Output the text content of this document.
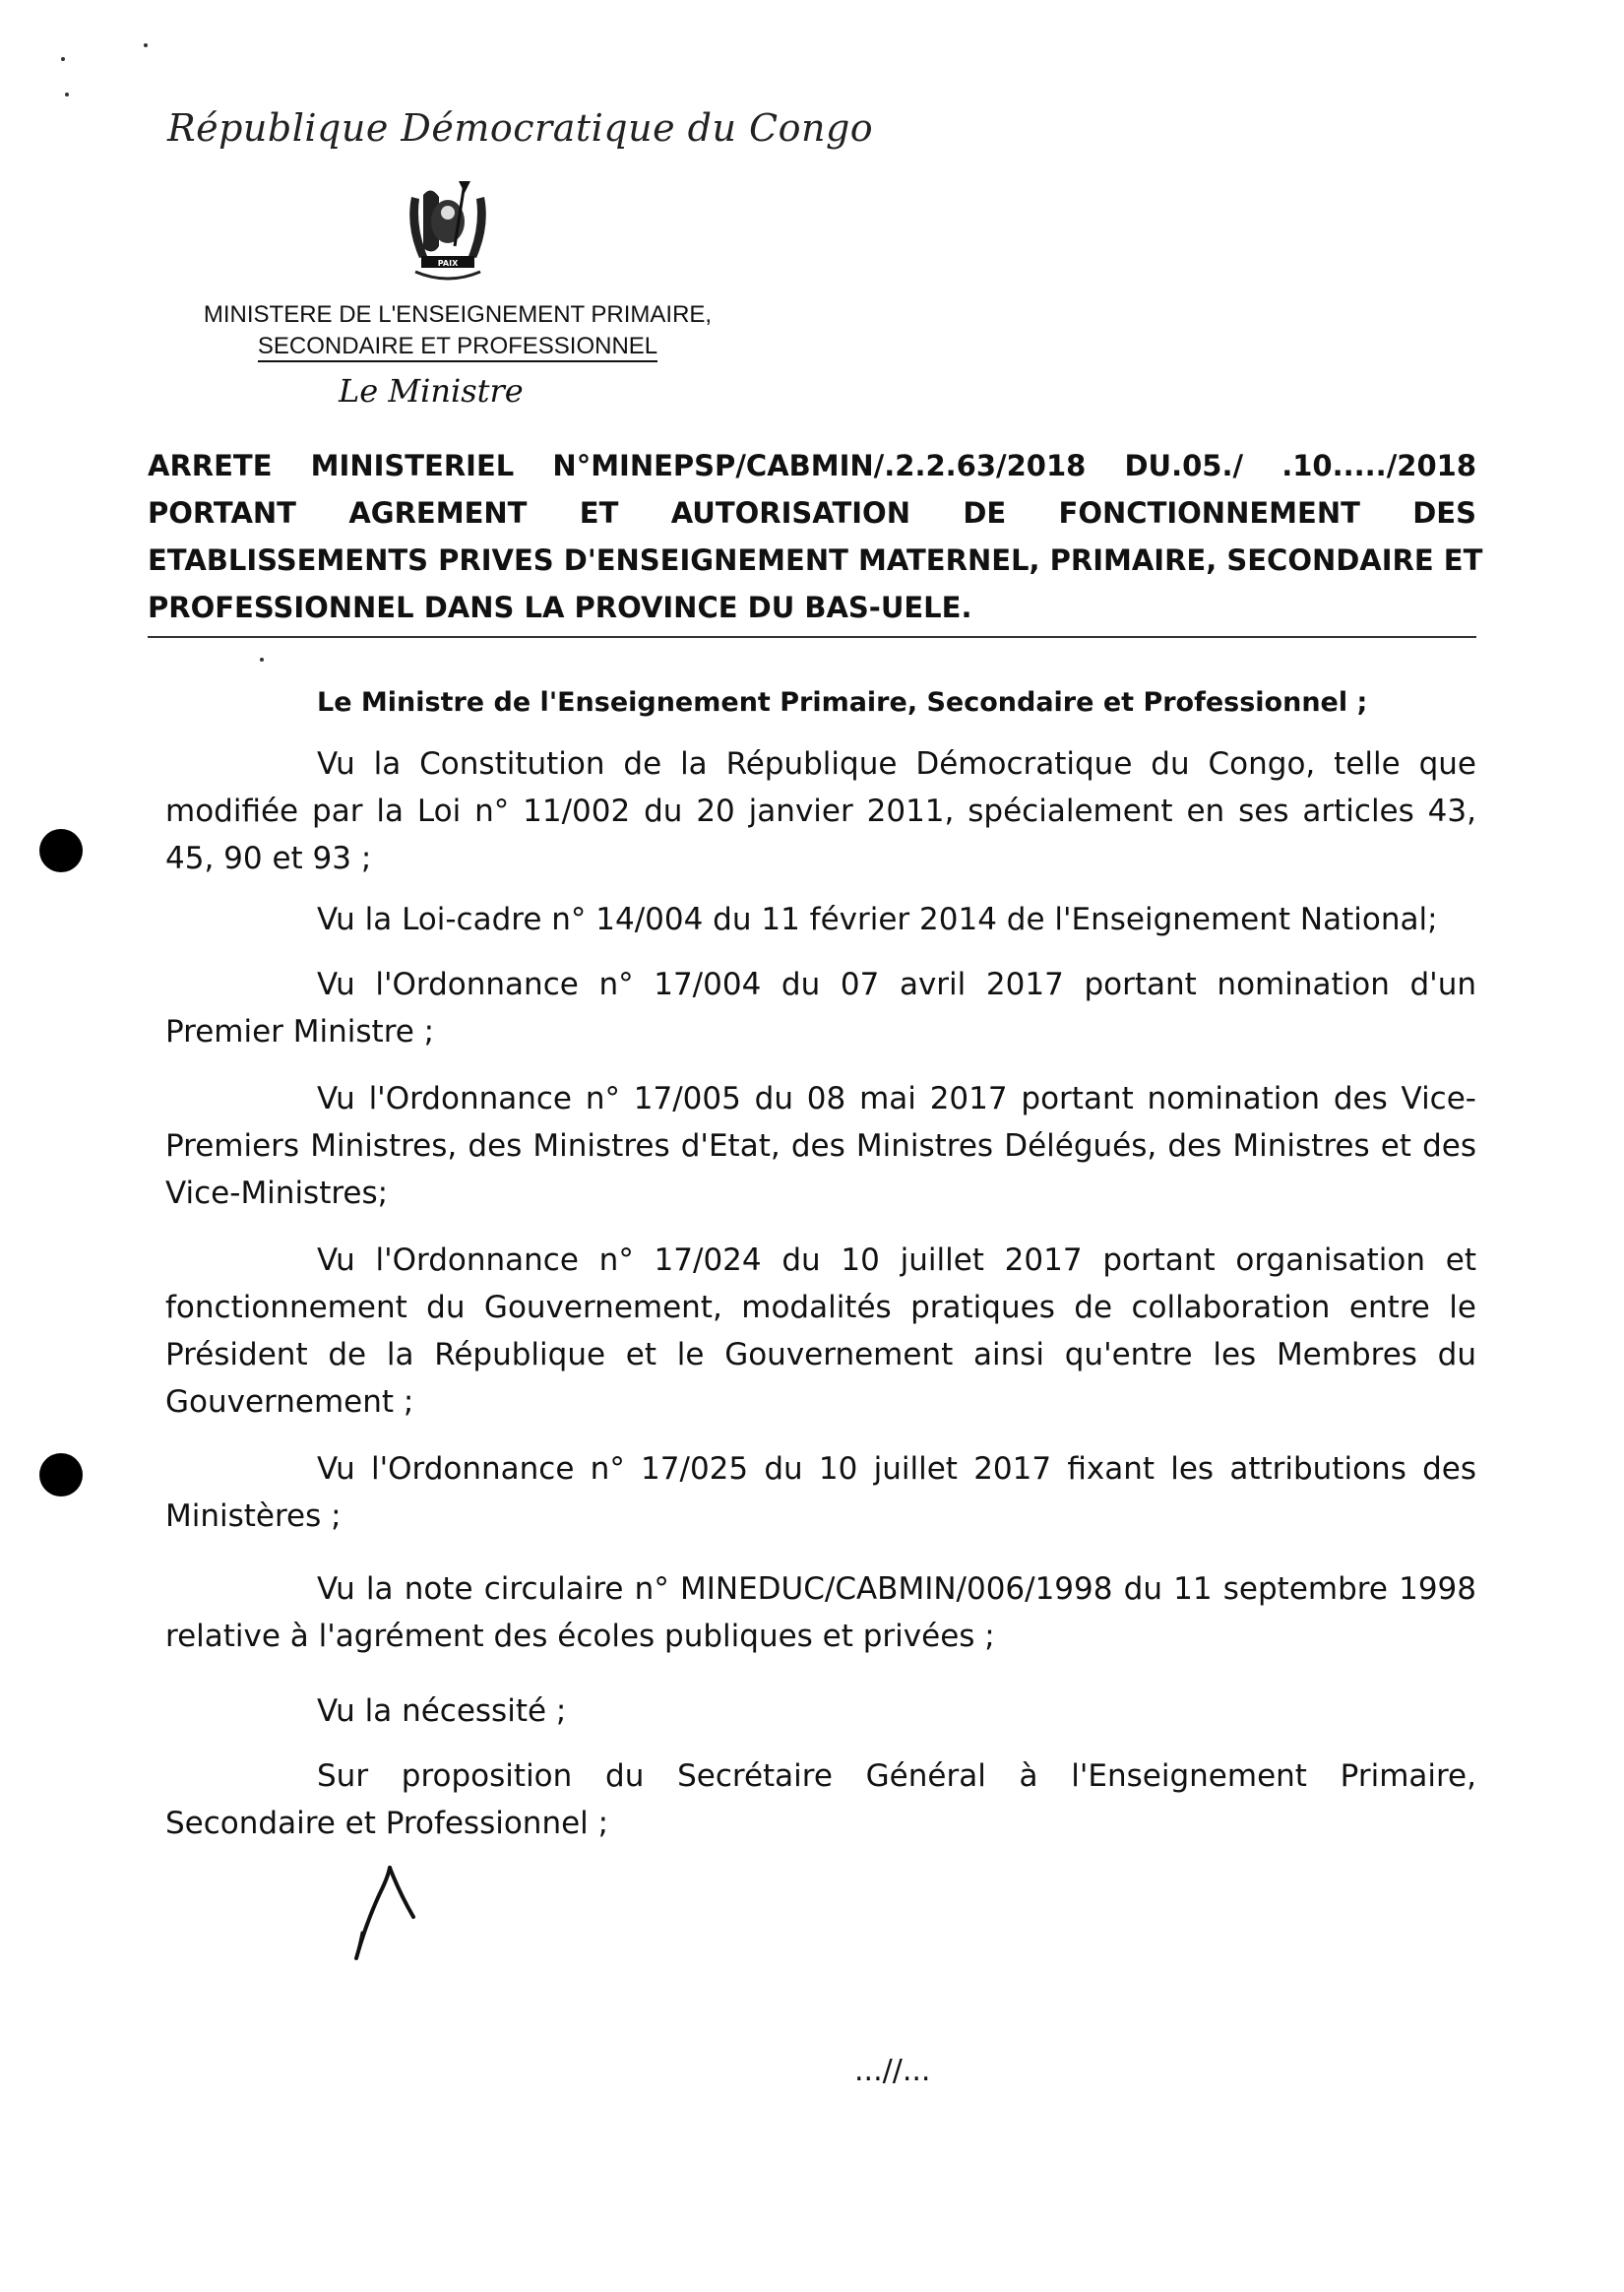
République Démocratique du Congo
PAIX
MINISTERE DE L'ENSEIGNEMENT PRIMAIRE,
SECONDAIRE ET PROFESSIONNEL
Le Ministre
ARRETE MINISTERIEL N°MINEPSP/CABMIN/.2.2.63/2018 DU.05./ .10...../2018
PORTANT AGREMENT ET AUTORISATION DE FONCTIONNEMENT DES
ETABLISSEMENTS PRIVES D'ENSEIGNEMENT MATERNEL, PRIMAIRE, SECONDAIRE ET
PROFESSIONNEL DANS LA PROVINCE DU BAS-UELE.
Le Ministre de l'Enseignement Primaire, Secondaire et Professionnel ;
Vu la Constitution de la République Démocratique du Congo, telle que modifiée par la Loi n° 11/002 du 20 janvier 2011, spécialement en ses articles 43, 45, 90 et 93 ;
Vu la Loi-cadre n° 14/004 du 11 février 2014 de l'Enseignement National;
Vu l'Ordonnance n° 17/004 du 07 avril 2017 portant nomination d'un Premier Ministre ;
Vu l'Ordonnance n° 17/005 du 08 mai 2017 portant nomination des Vice-Premiers Ministres, des Ministres d'Etat, des Ministres Délégués, des Ministres et des Vice-Ministres;
Vu l'Ordonnance n° 17/024 du 10 juillet 2017 portant organisation et fonctionnement du Gouvernement, modalités pratiques de collaboration entre le Président de la République et le Gouvernement ainsi qu'entre les Membres du Gouvernement ;
Vu l'Ordonnance n° 17/025 du 10 juillet 2017 fixant les attributions des Ministères ;
Vu la note circulaire n° MINEDUC/CABMIN/006/1998 du 11 septembre 1998 relative à l'agrément des écoles publiques et privées ;
Vu la nécessité ;
Sur proposition du Secrétaire Général à l'Enseignement Primaire, Secondaire et Professionnel ;
...//...
